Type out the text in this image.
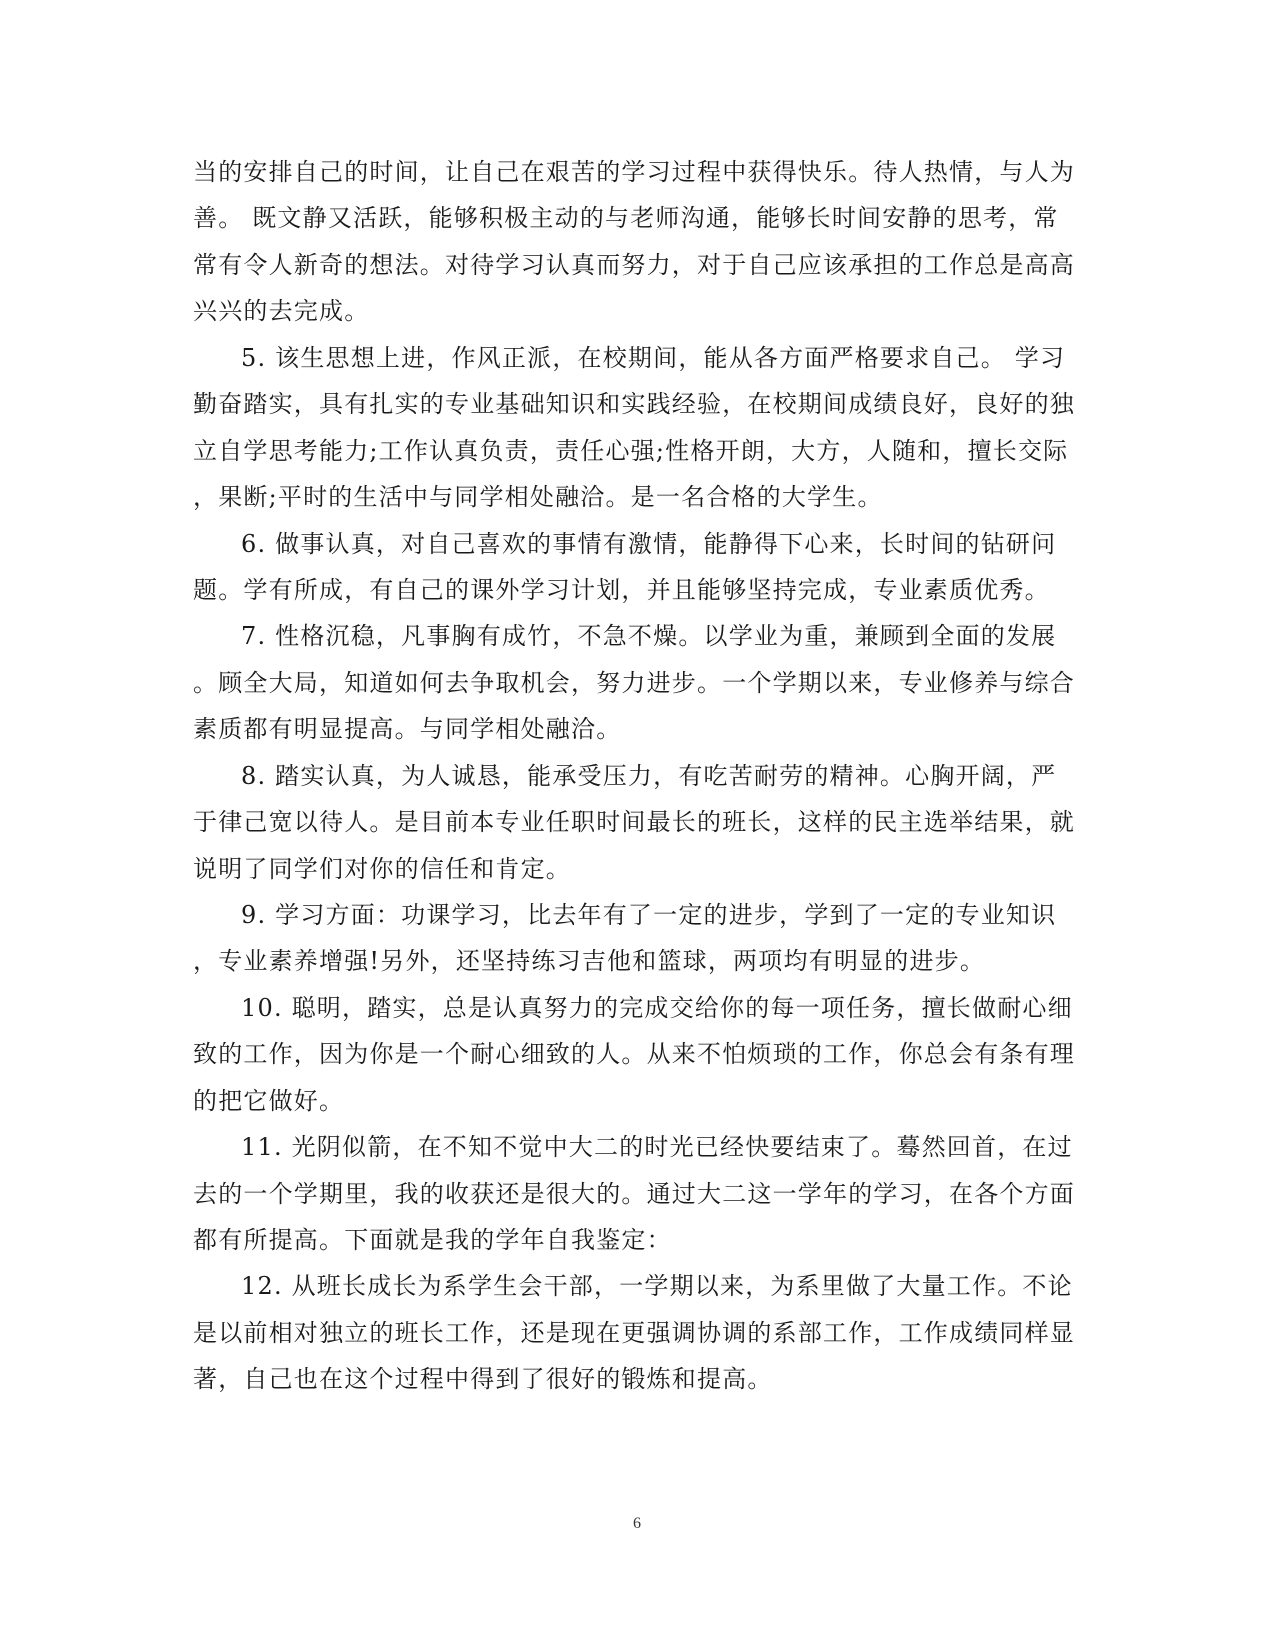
当的安排自己的时间，让自己在艰苦的学习过程中获得快乐。待人热情，与人为
善。 既文静又活跃，能够积极主动的与老师沟通，能够长时间安静的思考，常
常有令人新奇的想法。对待学习认真而努力，对于自己应该承担的工作总是高高
兴兴的去完成。
5. 该生思想上进，作风正派，在校期间，能从各方面严格要求自己。 学习
勤奋踏实，具有扎实的专业基础知识和实践经验，在校期间成绩良好，良好的独
立自学思考能力;工作认真负责，责任心强;性格开朗，大方，人随和，擅长交际
，果断;平时的生活中与同学相处融洽。是一名合格的大学生。
6. 做事认真，对自己喜欢的事情有激情，能静得下心来，长时间的钻研问
题。学有所成，有自己的课外学习计划，并且能够坚持完成，专业素质优秀。
7. 性格沉稳，凡事胸有成竹，不急不燥。以学业为重，兼顾到全面的发展
。顾全大局，知道如何去争取机会，努力进步。一个学期以来，专业修养与综合
素质都有明显提高。与同学相处融洽。
8. 踏实认真，为人诚恳，能承受压力，有吃苦耐劳的精神。心胸开阔，严
于律己宽以待人。是目前本专业任职时间最长的班长，这样的民主选举结果，就
说明了同学们对你的信任和肯定。
9. 学习方面：功课学习，比去年有了一定的进步，学到了一定的专业知识
，专业素养增强!另外，还坚持练习吉他和篮球，两项均有明显的进步。
10. 聪明，踏实，总是认真努力的完成交给你的每一项任务，擅长做耐心细
致的工作，因为你是一个耐心细致的人。从来不怕烦琐的工作，你总会有条有理
的把它做好。
11. 光阴似箭，在不知不觉中大二的时光已经快要结束了。蓦然回首，在过
去的一个学期里，我的收获还是很大的。通过大二这一学年的学习，在各个方面
都有所提高。下面就是我的学年自我鉴定：
12. 从班长成长为系学生会干部，一学期以来，为系里做了大量工作。不论
是以前相对独立的班长工作，还是现在更强调协调的系部工作，工作成绩同样显
著，自己也在这个过程中得到了很好的锻炼和提高。
6
